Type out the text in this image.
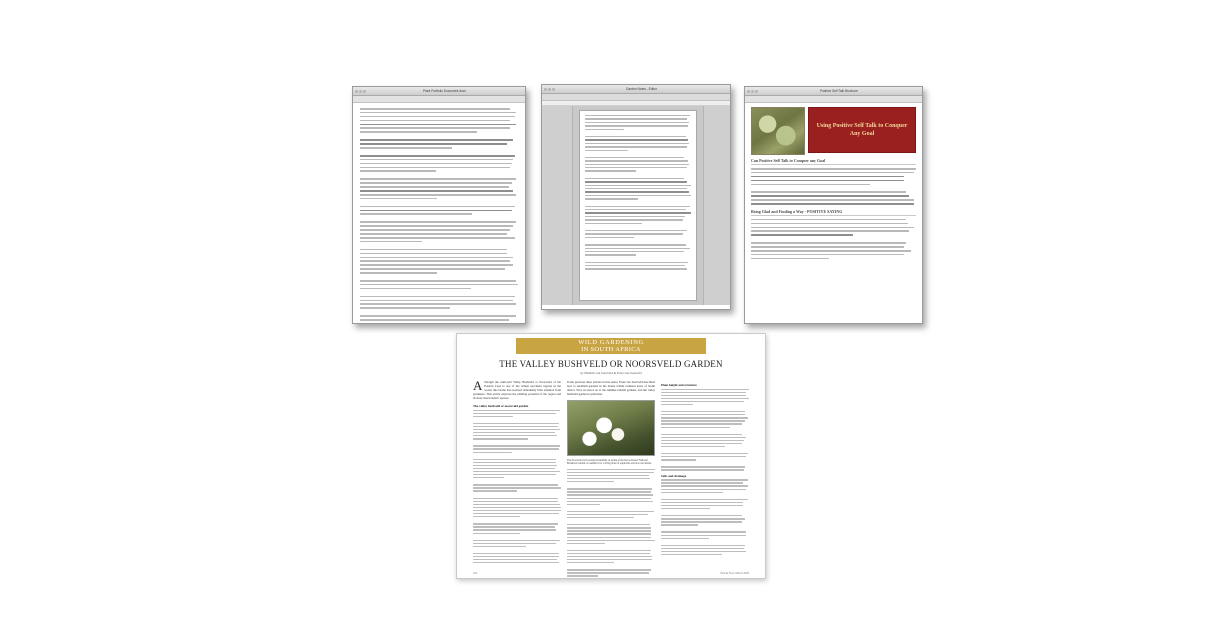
Plant Portfolio Document.docx	Garden Notes - Editor	Positive Self Talk Brochure
Using Positive Self Talk to Conquer Any Goal
Can Positive Self Talk to Conquer any Goal
Being Glad and Finding a Way - POSITIVE SAYING
WILD GARDENING
IN SOUTH AFRICA
THE VALLEY BUSHVELD OR NOORSVELD GARDEN
by Hendrik van Jaarsveld & Ernst van Jaarsveld
A lthough the semi-arid Valley Bushveld or Noorsveld of the Eastern Cape is one of the richest succulent regions in the world, this biome has received remarkably little attention from gardeners. This article explores the planting potential of the region and its most characteristic species.
The valley bushveld or noorsveld garden
In the previous three articles in this series, Ernst van Jaarsveld described how to establish gardens in the biome within southern areas of South Africa. Now we move on to the summer-rainfall gardens, and the valley bushveld garden in particular.
The Noorsveld is flowering beautifully in spring at the Karoo Desert National Botanical Garden. In summer it is a living mass of euphorbia and aloe succulents.
Plant height and structure
Soils and drainage
104	Veld & Flora March 2009
